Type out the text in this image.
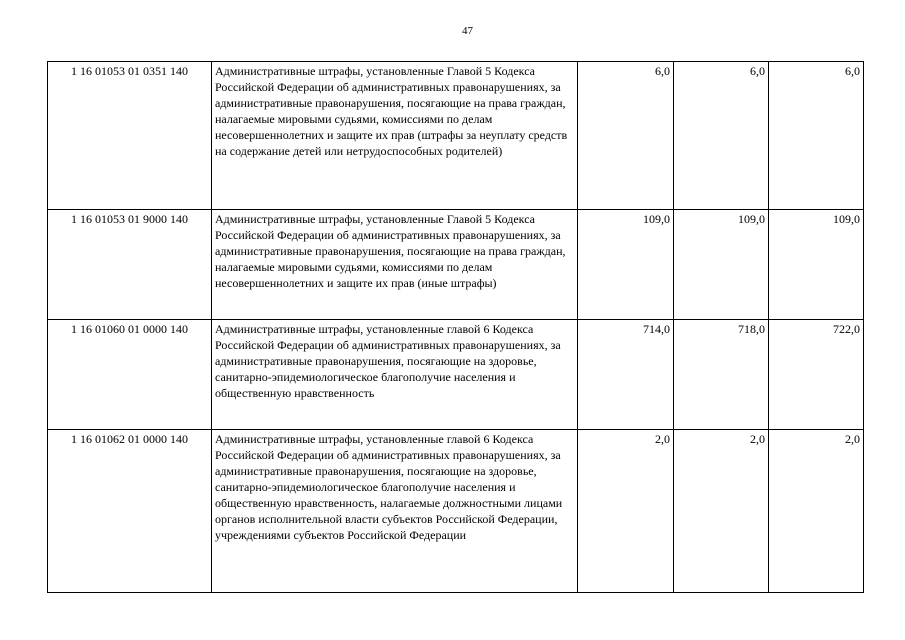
47
1 16 01053 01 0351 140	Административные штрафы, установленные Главой 5 Кодекса Российской Федерации об административных правонарушениях, за административные правонарушения, посягающие на права граждан, налагаемые мировыми судьями, комиссиями по делам несовершеннолетних и защите их прав (штрафы за неуплату средств на содержание детей или нетрудоспособных родителей)	6,0	6,0	6,0
1 16 01053 01 9000 140	Административные штрафы, установленные Главой 5 Кодекса Российской Федерации об административных правонарушениях, за административные правонарушения, посягающие на права граждан, налагаемые мировыми судьями, комиссиями по делам несовершеннолетних и защите их прав (иные штрафы)	109,0	109,0	109,0
1 16 01060 01 0000 140	Административные штрафы, установленные главой 6 Кодекса Российской Федерации об административных правонарушениях, за административные правонарушения, посягающие на здоровье, санитарно-эпидемиологическое благополучие населения и общественную нравственность	714,0	718,0	722,0
1 16 01062 01 0000 140	Административные штрафы, установленные главой 6 Кодекса Российской Федерации об административных правонарушениях, за административные правонарушения, посягающие на здоровье, санитарно-эпидемиологическое благополучие населения и общественную нравственность, налагаемые должностными лицами органов исполнительной власти субъектов Российской Федерации, учреждениями субъектов Российской Федерации	2,0	2,0	2,0
